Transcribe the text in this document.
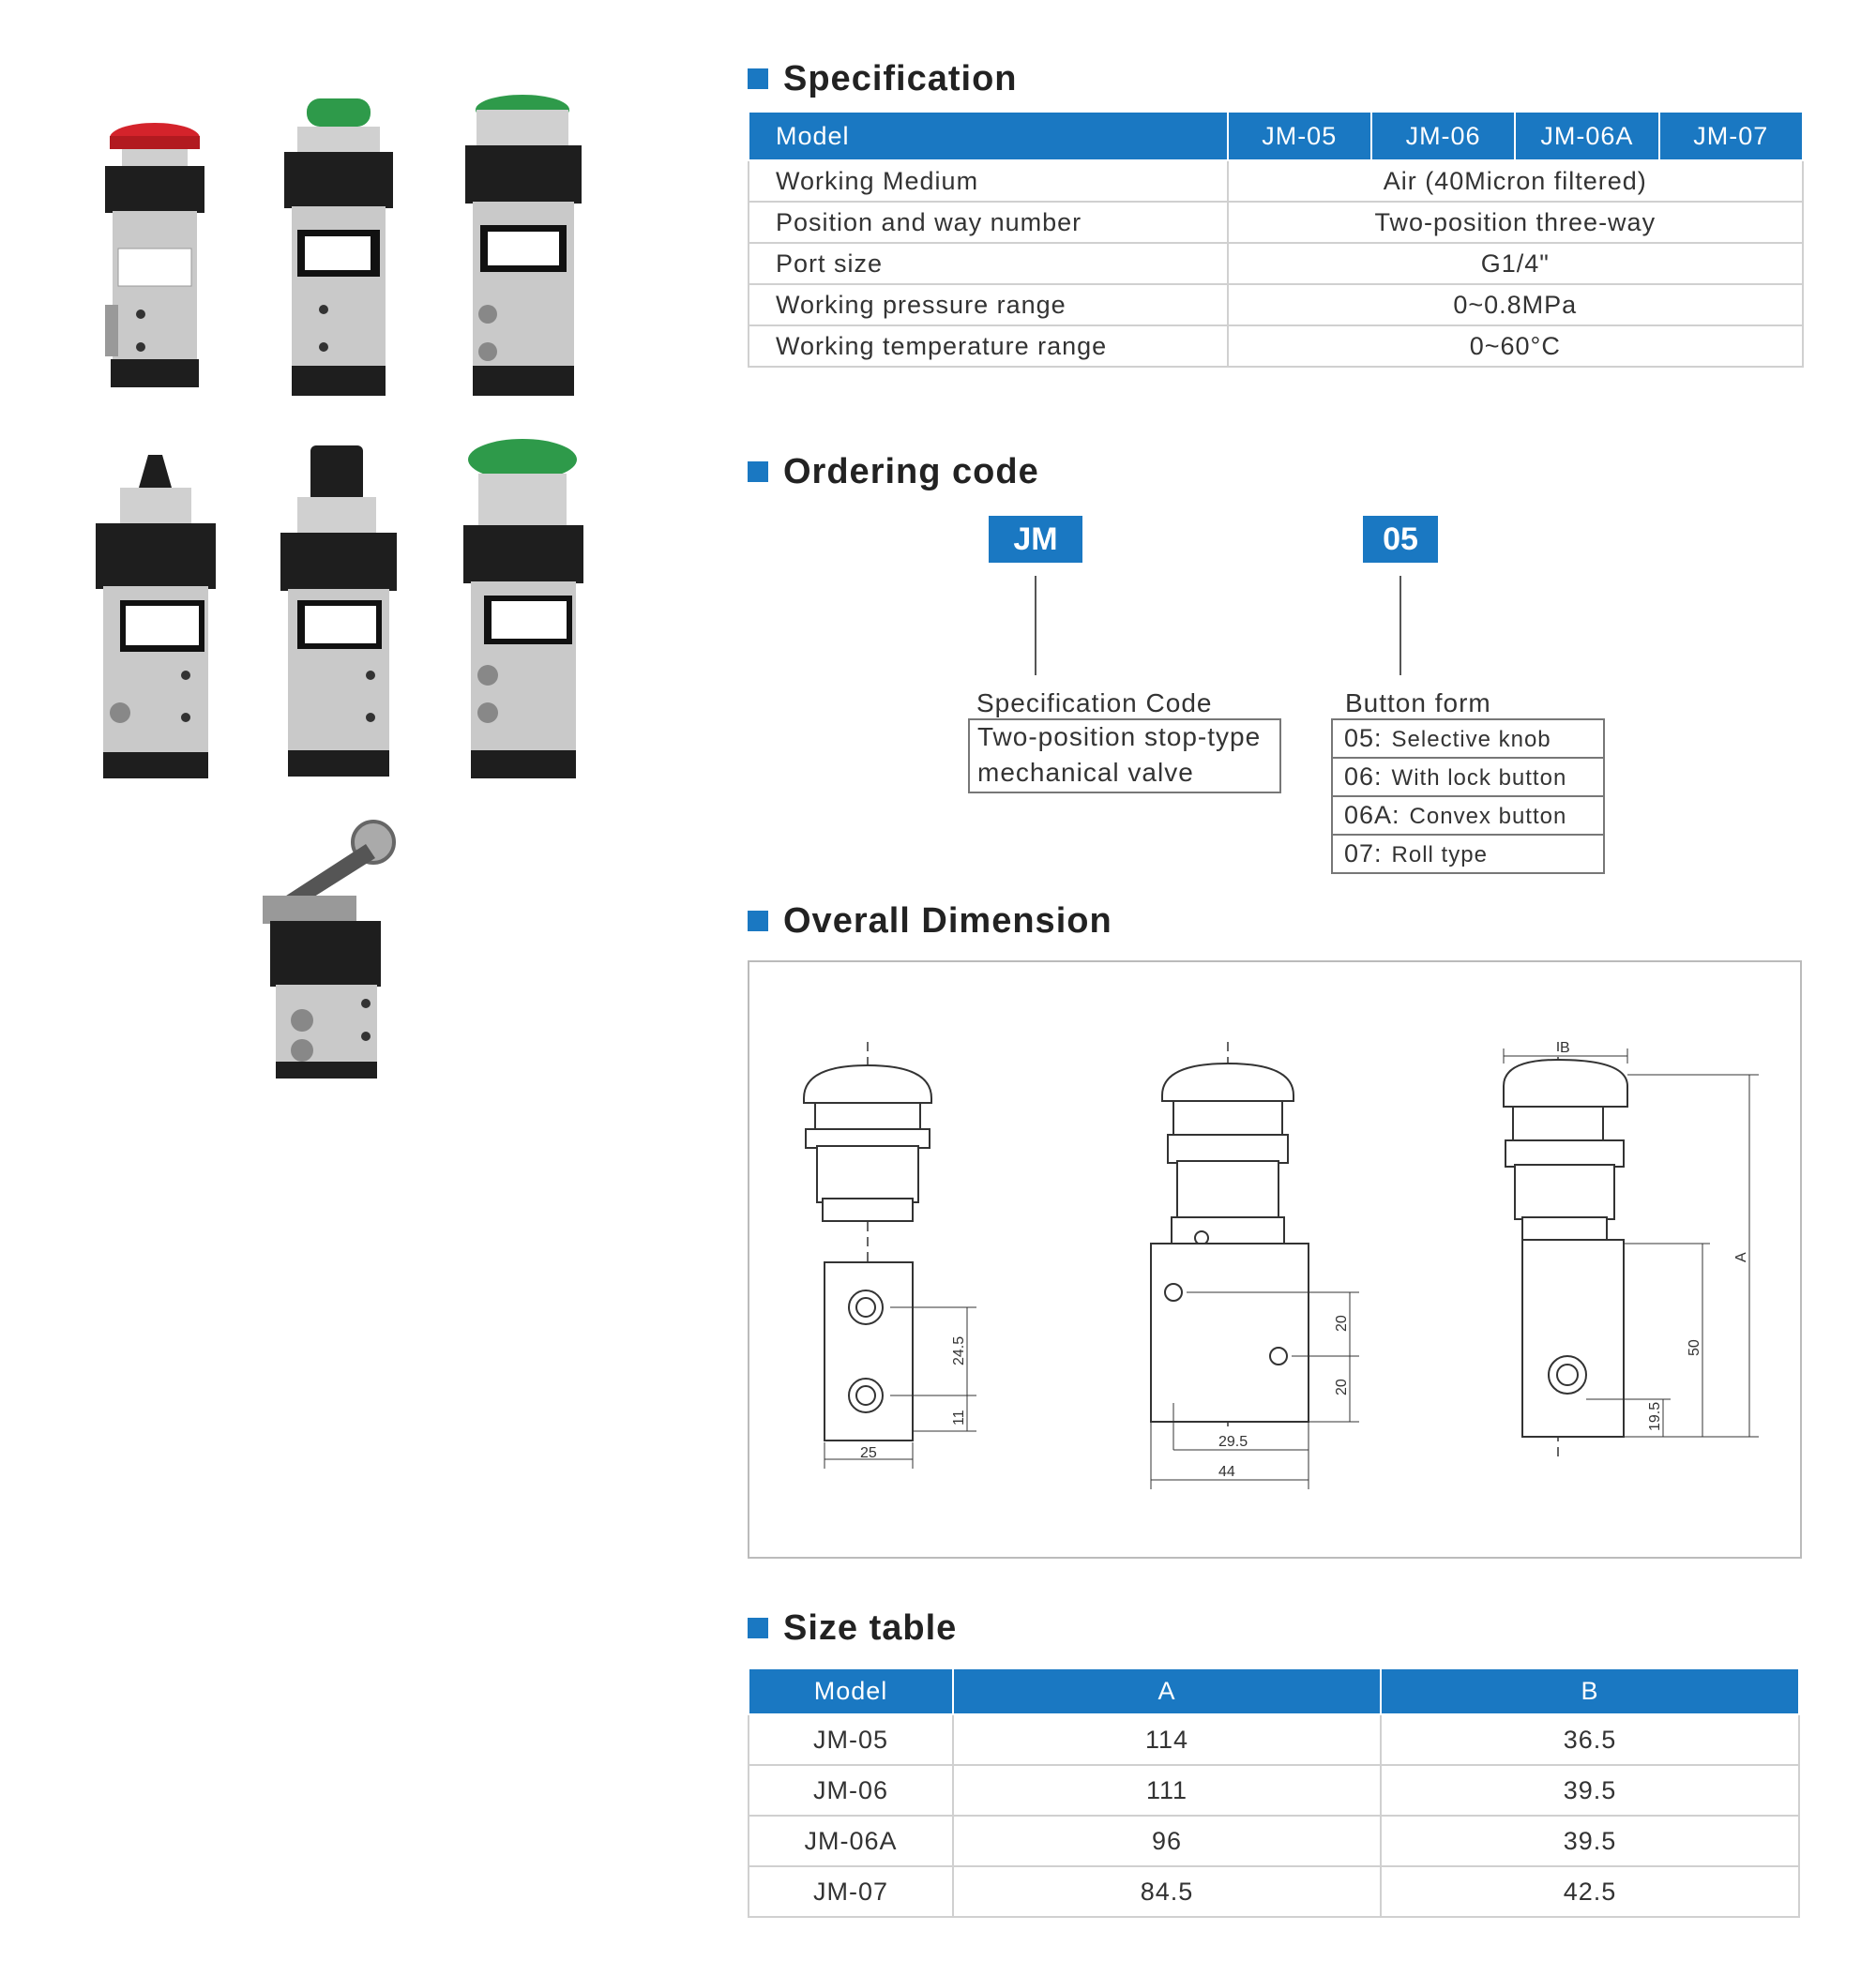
Specification
Model	JM-05	JM-06	JM-06A	JM-07
Working Medium	Air (40Micron filtered)			
Position and way number	Two-position three-way			
Port size	G1/4"			
Working pressure range	0~0.8MPa			
Working temperature range	0~60°C			
Ordering code
JM	05
Specification Code
Two-position stop-type
mechanical valve
Button form
05: Selective knob
06: With lock button
06A: Convex button
07: Roll type
Overall Dimension
25
24.5
11
29.5
44
20
20
B
A
50
19.5
Size table
Model	A	B
JM-05	114	36.5
JM-06	111	39.5
JM-06A	96	39.5
JM-07	84.5	42.5
